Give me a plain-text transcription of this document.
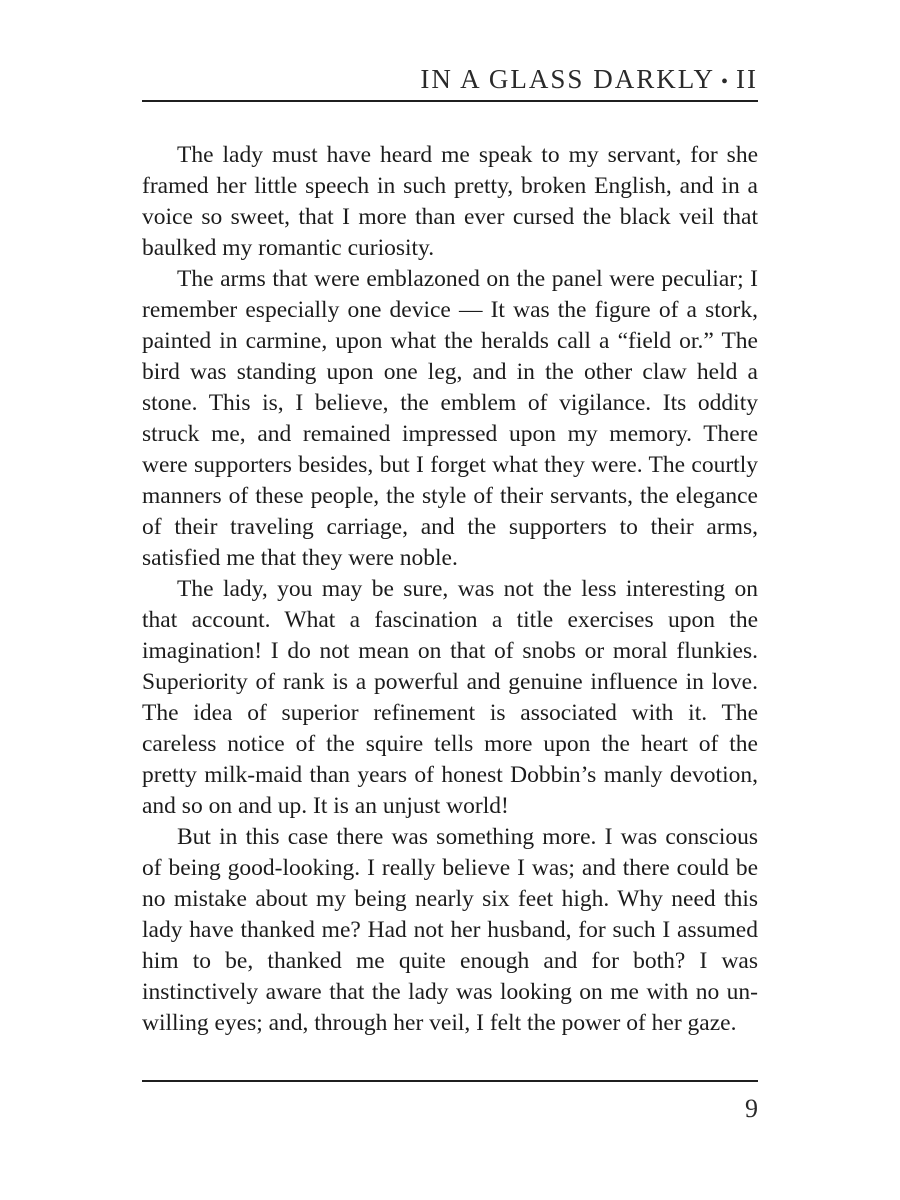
IN A GLASS DARKLY • II

The lady must have heard me speak to my servant, for she framed her little speech in such pretty, broken English, and in a voice so sweet, that I more than ever cursed the black veil that baulked my romantic curiosity.

The arms that were emblazoned on the panel were peculiar; I remember especially one device — It was the figure of a stork, painted in carmine, upon what the heralds call a “field or.” The bird was standing upon one leg, and in the other claw held a stone. This is, I believe, the emblem of vigilance. Its oddity struck me, and remained impressed upon my memory. There were supporters besides, but I forget what they were. The courtly manners of these people, the style of their servants, the elegance of their traveling carriage, and the supporters to their arms, satisfied me that they were noble.

The lady, you may be sure, was not the less interesting on that account. What a fascination a title exercises upon the imagination! I do not mean on that of snobs or moral flunkies. Superiority of rank is a powerful and genuine influence in love. The idea of superior refinement is associated with it. The careless notice of the squire tells more upon the heart of the pretty milk-maid than years of honest Dobbin’s manly devotion, and so on and up. It is an unjust world!

But in this case there was something more. I was conscious of being good-looking. I really believe I was; and there could be no mistake about my being nearly six feet high. Why need this lady have thanked me? Had not her husband, for such I assumed him to be, thanked me quite enough and for both? I was instinctively aware that the lady was looking on me with no unwilling eyes; and, through her veil, I felt the power of her gaze.

9
